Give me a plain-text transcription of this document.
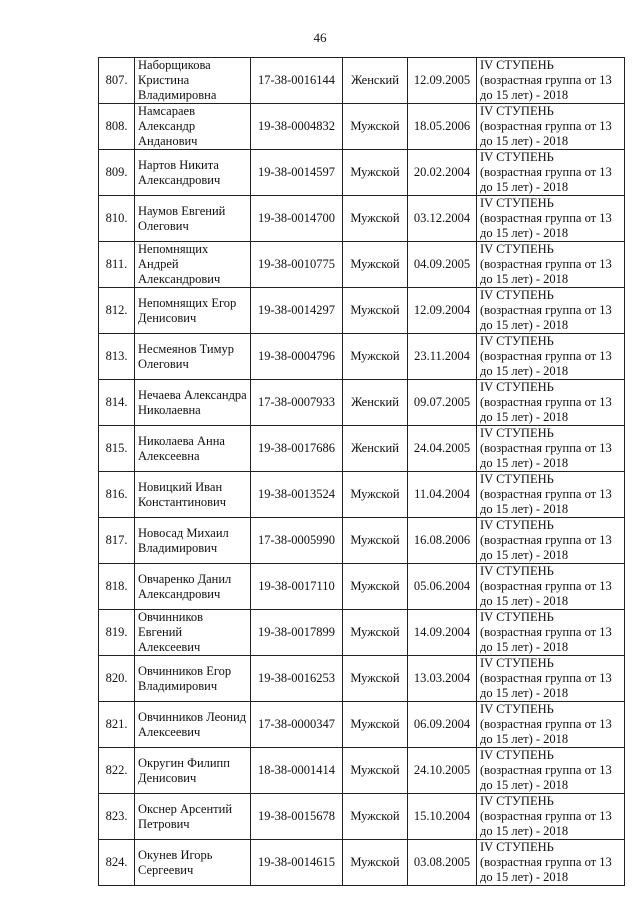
46
807.	Наборщикова Кристина Владимировна	17-38-0016144	Женский	12.09.2005	IV СТУПЕНЬ
(возрастная группа от 13
до 15 лет) - 2018

808.	Намсараев Александр Анданович	19-38-0004832	Мужской	18.05.2006	IV СТУПЕНЬ
(возрастная группа от 13
до 15 лет) - 2018

809.	Нартов Никита Александрович	19-38-0014597	Мужской	20.02.2004	IV СТУПЕНЬ
(возрастная группа от 13
до 15 лет) - 2018

810.	Наумов Евгений Олегович	19-38-0014700	Мужской	03.12.2004	IV СТУПЕНЬ
(возрастная группа от 13
до 15 лет) - 2018

811.	Непомнящих Андрей Александрович	19-38-0010775	Мужской	04.09.2005	IV СТУПЕНЬ
(возрастная группа от 13
до 15 лет) - 2018

812.	Непомнящих Егор Денисович	19-38-0014297	Мужской	12.09.2004	IV СТУПЕНЬ
(возрастная группа от 13
до 15 лет) - 2018

813.	Несмеянов Тимур Олегович	19-38-0004796	Мужской	23.11.2004	IV СТУПЕНЬ
(возрастная группа от 13
до 15 лет) - 2018

814.	Нечаева Александра Николаевна	17-38-0007933	Женский	09.07.2005	IV СТУПЕНЬ
(возрастная группа от 13
до 15 лет) - 2018

815.	Николаева Анна Алексеевна	19-38-0017686	Женский	24.04.2005	IV СТУПЕНЬ
(возрастная группа от 13
до 15 лет) - 2018

816.	Новицкий Иван Константинович	19-38-0013524	Мужской	11.04.2004	IV СТУПЕНЬ
(возрастная группа от 13
до 15 лет) - 2018

817.	Новосад Михаил Владимирович	17-38-0005990	Мужской	16.08.2006	IV СТУПЕНЬ
(возрастная группа от 13
до 15 лет) - 2018

818.	Овчаренко Данил Александрович	19-38-0017110	Мужской	05.06.2004	IV СТУПЕНЬ
(возрастная группа от 13
до 15 лет) - 2018

819.	Овчинников Евгений Алексеевич	19-38-0017899	Мужской	14.09.2004	IV СТУПЕНЬ
(возрастная группа от 13
до 15 лет) - 2018

820.	Овчинников Егор Владимирович	19-38-0016253	Мужской	13.03.2004	IV СТУПЕНЬ
(возрастная группа от 13
до 15 лет) - 2018

821.	Овчинников Леонид Алексеевич	17-38-0000347	Мужской	06.09.2004	IV СТУПЕНЬ
(возрастная группа от 13
до 15 лет) - 2018

822.	Округин Филипп Денисович	18-38-0001414	Мужской	24.10.2005	IV СТУПЕНЬ
(возрастная группа от 13
до 15 лет) - 2018

823.	Окснер Арсентий Петрович	19-38-0015678	Мужской	15.10.2004	IV СТУПЕНЬ
(возрастная группа от 13
до 15 лет) - 2018

824.	Окунев Игорь Сергеевич	19-38-0014615	Мужской	03.08.2005	IV СТУПЕНЬ
(возрастная группа от 13
до 15 лет) - 2018
